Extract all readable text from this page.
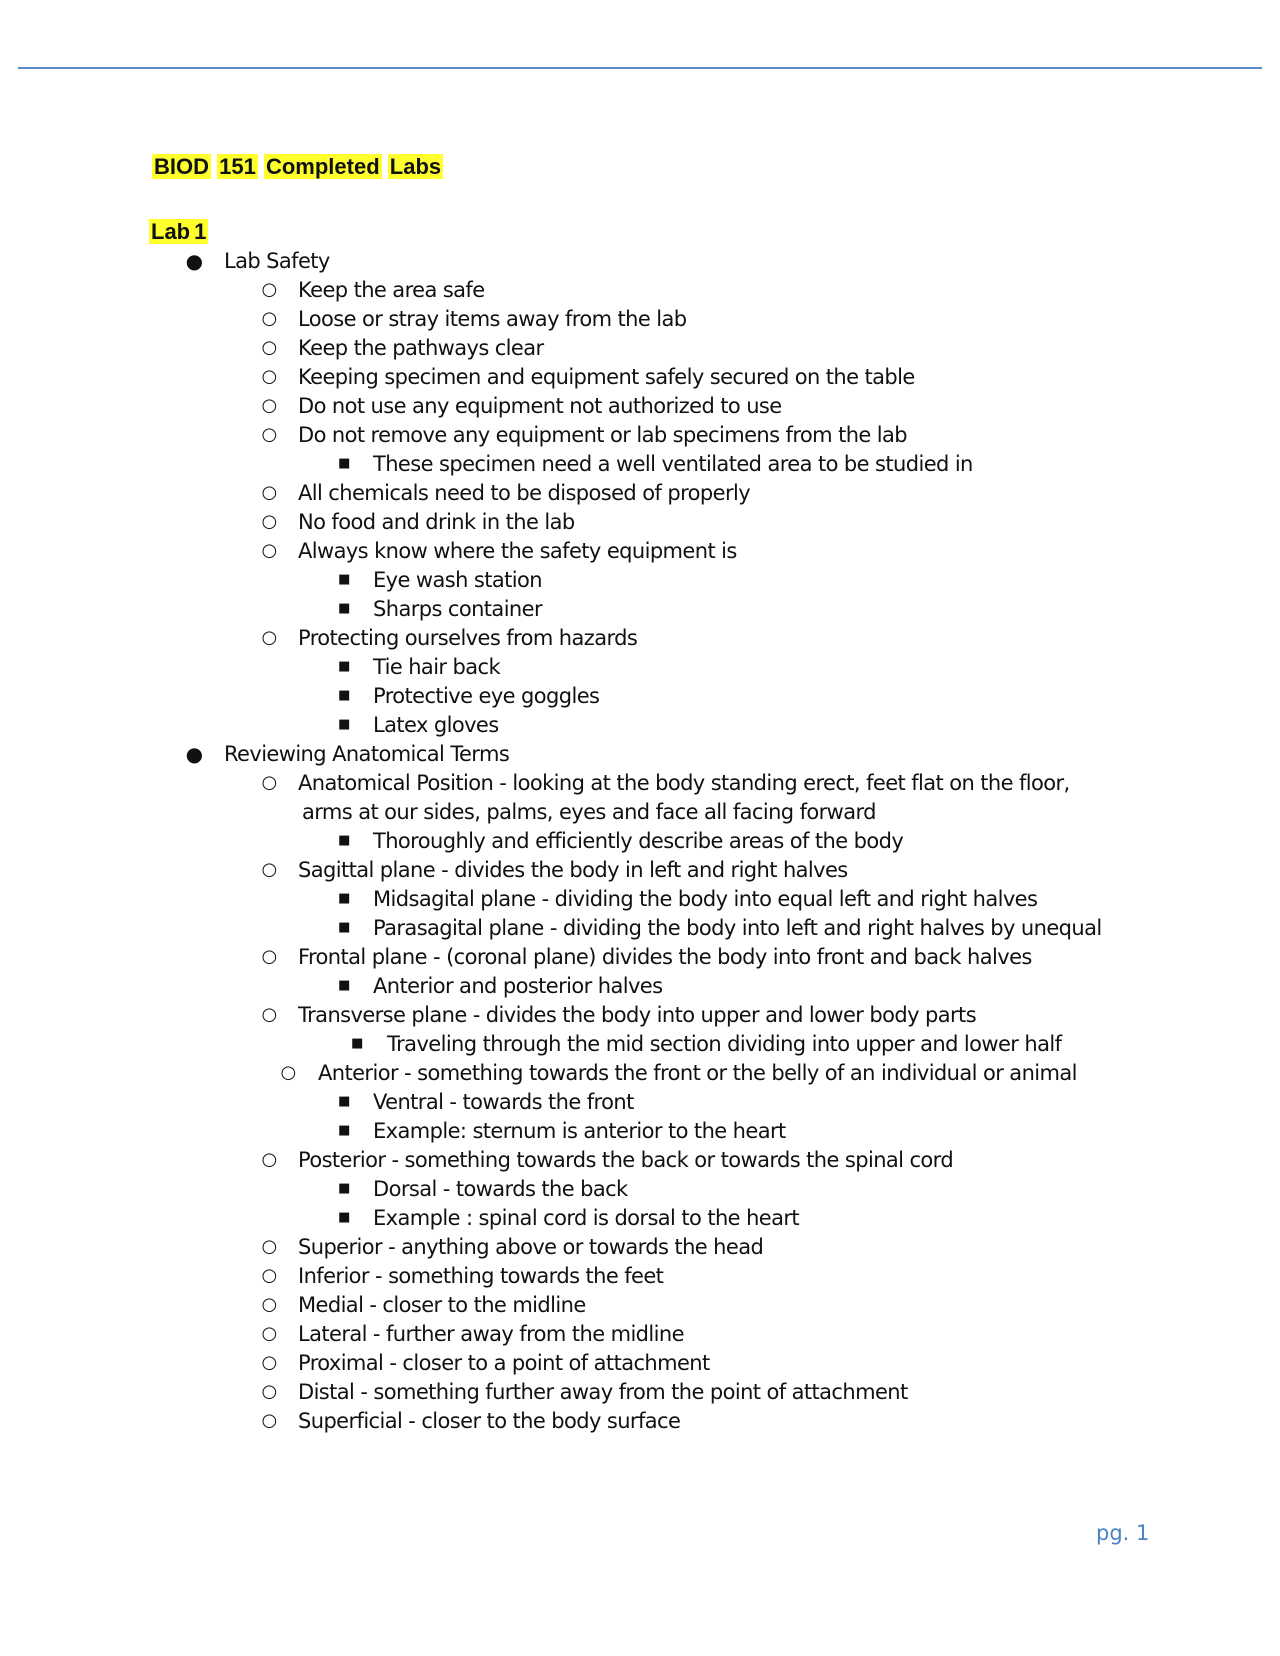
BIOD 151 Completed Labs
Lab 1
● Lab Safety
○ Keep the area safe
○ Loose or stray items away from the lab
○ Keep the pathways clear
○ Keeping specimen and equipment safely secured on the table
○ Do not use any equipment not authorized to use
○ Do not remove any equipment or lab specimens from the lab
■ These specimen need a well ventilated area to be studied in
○ All chemicals need to be disposed of properly
○ No food and drink in the lab
○ Always know where the safety equipment is
■ Eye wash station
■ Sharps container
○ Protecting ourselves from hazards
■ Tie hair back
■ Protective eye goggles
■ Latex gloves
● Reviewing Anatomical Terms
○ Anatomical Position - looking at the body standing erect, feet flat on the floor,
arms at our sides, palms, eyes and face all facing forward
■ Thoroughly and efficiently describe areas of the body
○ Sagittal plane - divides the body in left and right halves
■ Midsagital plane - dividing the body into equal left and right halves
■ Parasagital plane - dividing the body into left and right halves by unequal
○ Frontal plane - (coronal plane) divides the body into front and back halves
■ Anterior and posterior halves
○ Transverse plane - divides the body into upper and lower body parts
■ Traveling through the mid section dividing into upper and lower half
○ Anterior - something towards the front or the belly of an individual or animal
■ Ventral - towards the front
■ Example: sternum is anterior to the heart
○ Posterior - something towards the back or towards the spinal cord
■ Dorsal - towards the back
■ Example : spinal cord is dorsal to the heart
○ Superior - anything above or towards the head
○ Inferior - something towards the feet
○ Medial - closer to the midline
○ Lateral - further away from the midline
○ Proximal - closer to a point of attachment
○ Distal - something further away from the point of attachment
○ Superficial - closer to the body surface
pg. 1
